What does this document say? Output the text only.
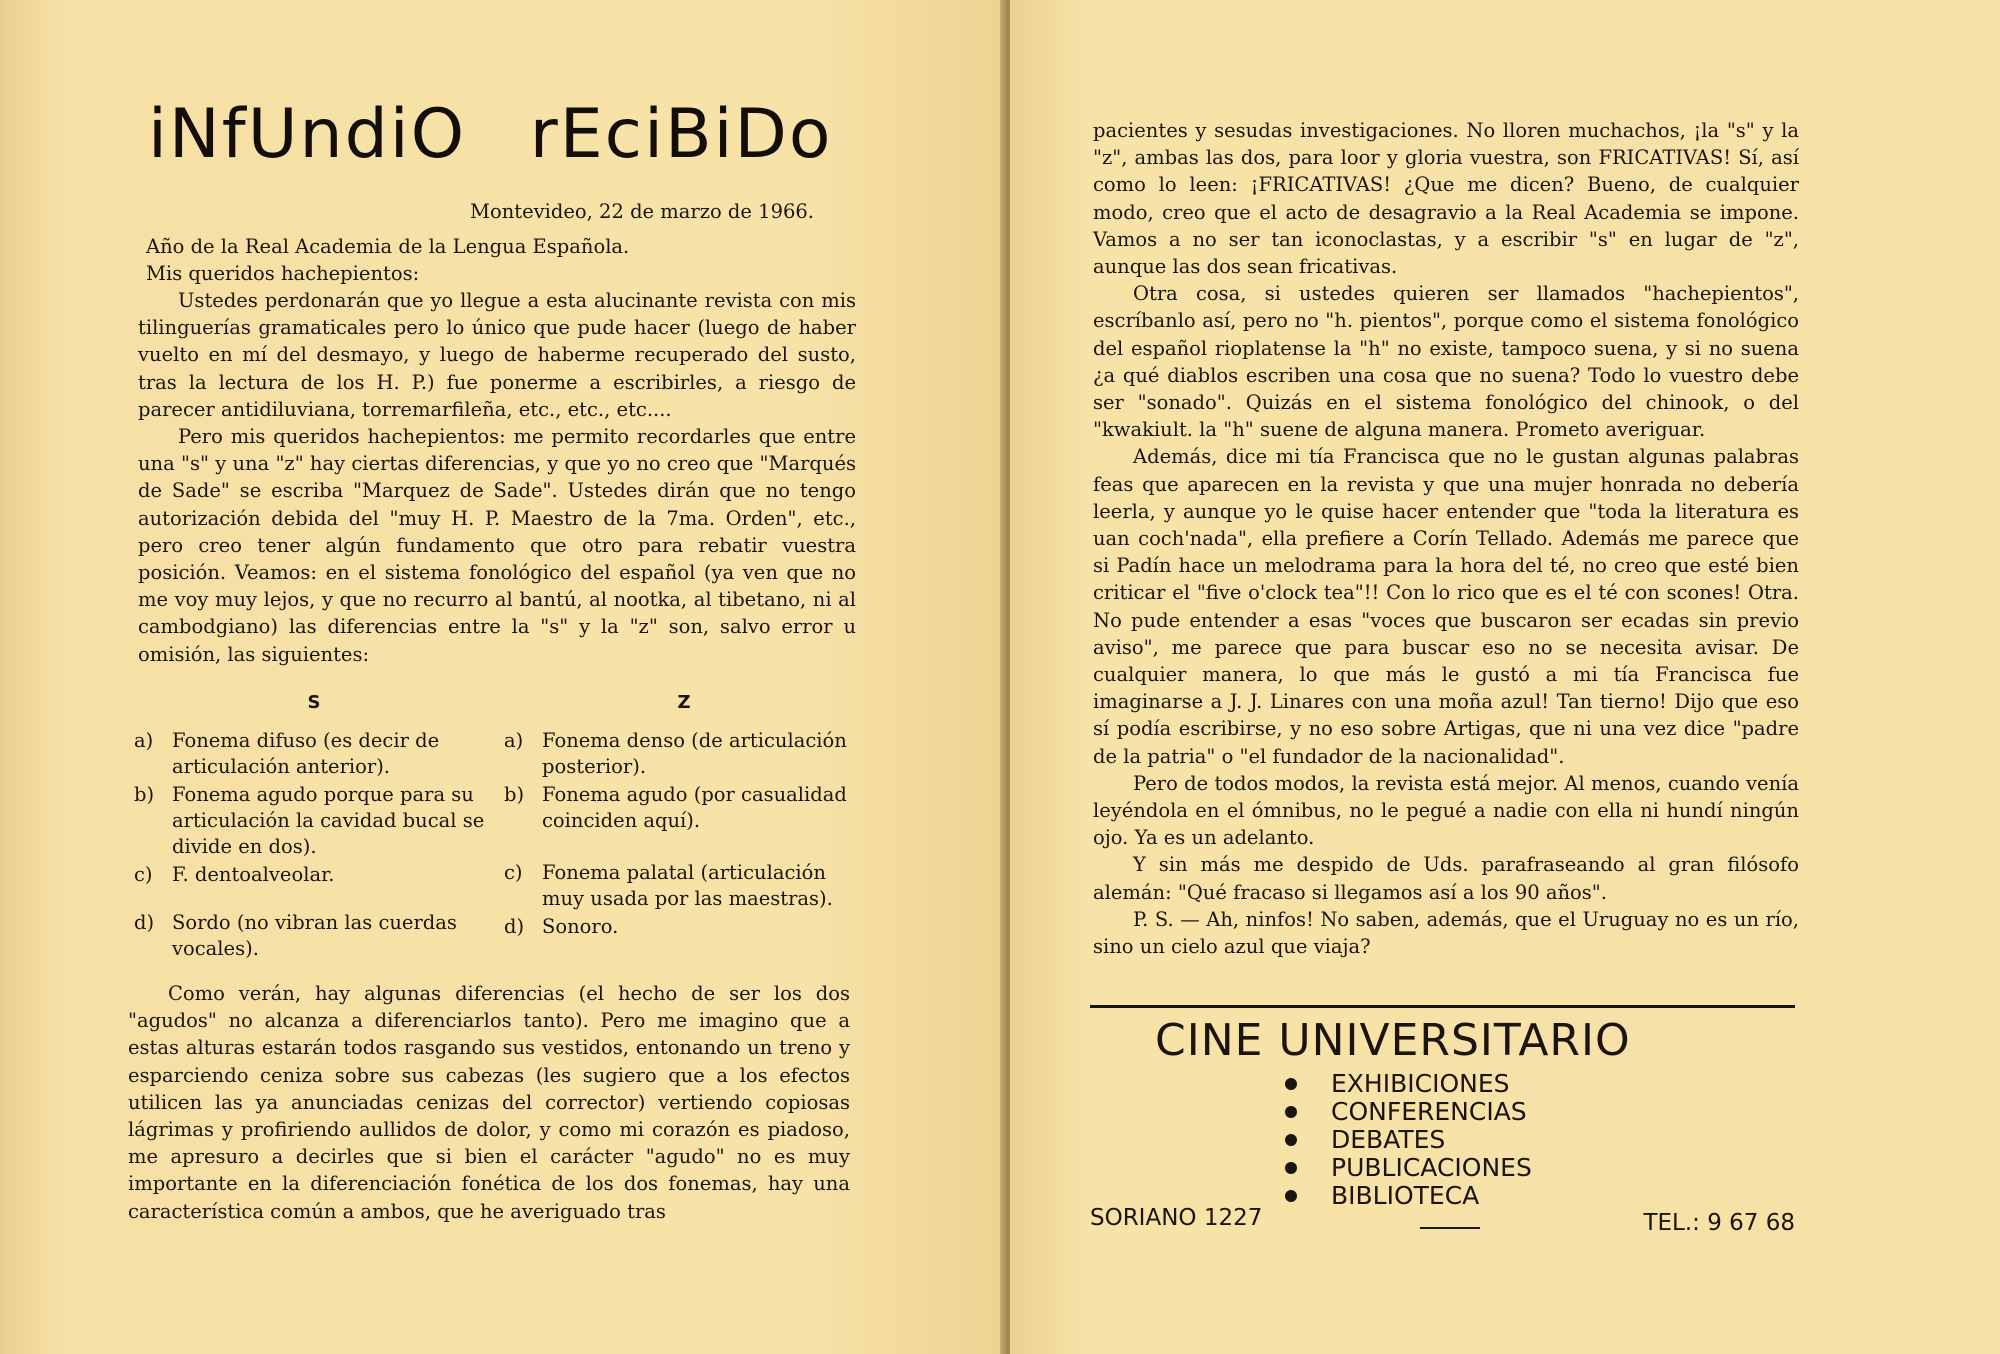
iNfUndiO rEciBiDo
Montevideo, 22 de marzo de 1966.

Año de la Real Academia de la Lengua Española.

Mis queridos hachepientos:

Ustedes perdonarán que yo llegue a esta alucinante revista con mis tilinguerías gramaticales pero lo único que pude hacer (luego de haber vuelto en mí del desmayo, y luego de haberme recuperado del susto, tras la lectura de los H. P.) fue ponerme a escribirles, a riesgo de parecer antidiluviana, torremarfileña, etc., etc., etc....

Pero mis queridos hachepientos: me permito recordarles que entre una "s" y una "z" hay ciertas diferencias, y que yo no creo que "Marqués de Sade" se escriba "Marquez de Sade". Ustedes dirán que no tengo autorización debida del "muy H. P. Maestro de la 7ma. Orden", etc., pero creo tener algún fundamento que otro para rebatir vuestra posición. Veamos: en el sistema fonológico del español (ya ven que no me voy muy lejos, y que no recurro al bantú, al nootka, al tibetano, ni al cambodgiano) las diferencias entre la "s" y la "z" son, salvo error u omisión, las siguientes:

S
a) Fonema difuso (es decir de articulación anterior).
b) Fonema agudo porque para su articulación la cavidad bucal se divide en dos).
c) F. dentoalveolar.
d) Sordo (no vibran las cuerdas vocales).
Z
a) Fonema denso (de articulación posterior).
b) Fonema agudo (por casualidad coinciden aquí).
c) Fonema palatal (articulación muy usada por las maestras).
d) Sonoro.

Como verán, hay algunas diferencias (el hecho de ser los dos "agudos" no alcanza a diferenciarlos tanto). Pero me imagino que a estas alturas estarán todos rasgando sus vestidos, entonando un treno y esparciendo ceniza sobre sus cabezas (les sugiero que a los efectos utilicen las ya anunciadas cenizas del corrector) vertiendo copiosas lágrimas y profiriendo aullidos de dolor, y como mi corazón es piadoso, me apresuro a decirles que si bien el carácter "agudo" no es muy importante en la diferenciación fonética de los dos fonemas, hay una característica común a ambos, que he averiguado tras

pacientes y sesudas investigaciones. No lloren muchachos, ¡la "s" y la "z", ambas las dos, para loor y gloria vuestra, son FRICATIVAS! Sí, así como lo leen: ¡FRICATIVAS! ¿Que me dicen? Bueno, de cualquier modo, creo que el acto de desagravio a la Real Academia se impone. Vamos a no ser tan iconoclastas, y a escribir "s" en lugar de "z", aunque las dos sean fricativas.

Otra cosa, si ustedes quieren ser llamados "hachepientos", escríbanlo así, pero no "h. pientos", porque como el sistema fonológico del español rioplatense la "h" no existe, tampoco suena, y si no suena ¿a qué diablos escriben una cosa que no suena? Todo lo vuestro debe ser "sonado". Quizás en el sistema fonológico del chinook, o del "kwakiult. la "h" suene de alguna manera. Prometo averiguar.

Además, dice mi tía Francisca que no le gustan algunas palabras feas que aparecen en la revista y que una mujer honrada no debería leerla, y aunque yo le quise hacer entender que "toda la literatura es uan coch'nada", ella prefiere a Corín Tellado. Además me parece que si Padín hace un melodrama para la hora del té, no creo que esté bien criticar el "five o'clock tea"!! Con lo rico que es el té con scones! Otra. No pude entender a esas "voces que buscaron ser ecadas sin previo aviso", me parece que para buscar eso no se necesita avisar. De cualquier manera, lo que más le gustó a mi tía Francisca fue imaginarse a J. J. Linares con una moña azul! Tan tierno! Dijo que eso sí podía escribirse, y no eso sobre Artigas, que ni una vez dice "padre de la patria" o "el fundador de la nacionalidad".

Pero de todos modos, la revista está mejor. Al menos, cuando venía leyéndola en el ómnibus, no le pegué a nadie con ella ni hundí ningún ojo. Ya es un adelanto.

Y sin más me despido de Uds. parafraseando al gran filósofo alemán: "Qué fracaso si llegamos así a los 90 años".

P. S. — Ah, ninfos! No saben, además, que el Uruguay no es un río, sino un cielo azul que viaja?

CINE UNIVERSITARIO
EXHIBICIONES
CONFERENCIAS
DEBATES
PUBLICACIONES
BIBLIOTECA
SORIANO 1227	TEL.: 9 67 68
